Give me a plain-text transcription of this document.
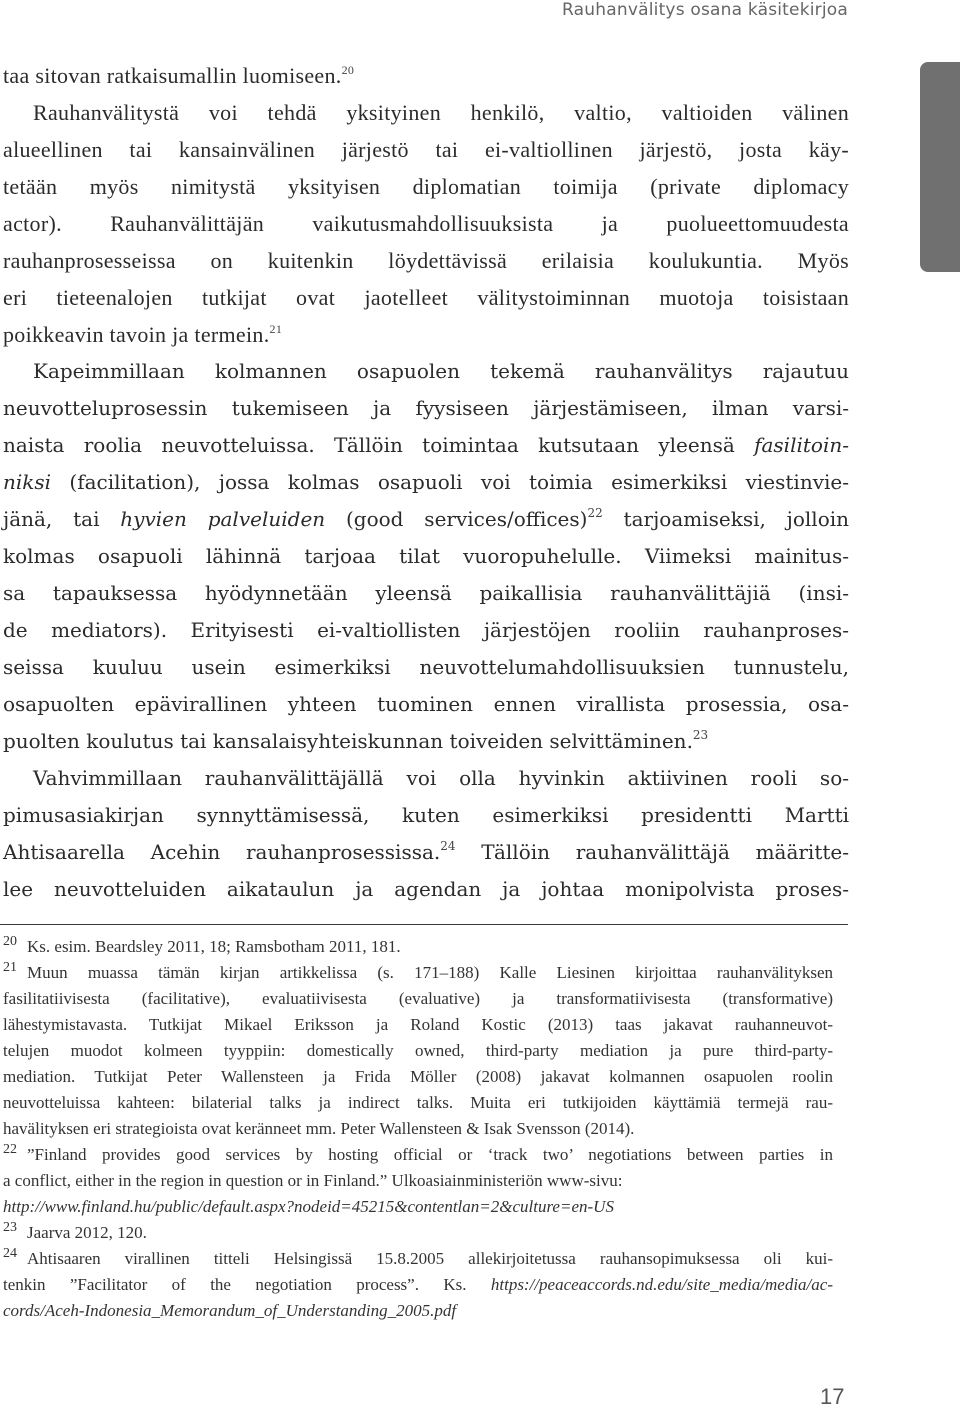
Rauhanvälitys osana käsitekirjoa

taa sitovan ratkaisumallin luomiseen.$^{20}$

Rauhanvälitystä voi tehdä yksityinen henkilö, valtio, valtioiden välinen
alueellinen tai kansainvälinen järjestö tai ei-valtiollinen järjestö, josta käy-
tetään myös nimitystä yksityisen diplomatian toimija (private diplomacy
actor). Rauhanvälittäjän vaikutusmahdollisuuksista ja puolueettomuudesta
rauhanprosesseissa on kuitenkin löydettävissä erilaisia koulukuntia. Myös
eri tieteenalojen tutkijat ovat jaotelleet välitystoiminnan muotoja toisistaan
poikkeavin tavoin ja termein.$^{21}$

Kapeimmillaan kolmannen osapuolen tekemä rauhanvälitys rajautuu
neuvotteluprosessin tukemiseen ja fyysiseen järjestämiseen, ilman varsi-
naista roolia neuvotteluissa. Tällöin toimintaa kutsutaan yleensä fasilitoin-
niksi (facilitation), jossa kolmas osapuoli voi toimia esimerkiksi viestinvie-
jänä, tai hyvien palveluiden (good services/offices)$^{22}$ tarjoamiseksi, jolloin
kolmas osapuoli lähinnä tarjoaa tilat vuoropuhelulle. Viimeksi mainitus-
sa tapauksessa hyödynnetään yleensä paikallisia rauhanvälittäjiä (insi-
de mediators). Erityisesti ei-valtiollisten järjestöjen rooliin rauhanproses-
seissa kuuluu usein esimerkiksi neuvottelumahdollisuuksien tunnustelu,
osapuolten epävirallinen yhteen tuominen ennen virallista prosessia, osa-
puolten koulutus tai kansalaisyhteiskunnan toiveiden selvittäminen.$^{23}$

Vahvimmillaan rauhanvälittäjällä voi olla hyvinkin aktiivinen rooli so-
pimusasiakirjan synnyttämisessä, kuten esimerkiksi presidentti Martti
Ahtisaarella Acehin rauhanprosessissa.$^{24}$ Tällöin rauhanvälittäjä määritte-
lee neuvotteluiden aikataulun ja agendan ja johtaa monipolvista proses-

$^{20}$ Ks. esim. Beardsley 2011, 18; Ramsbotham 2011, 181.

$^{21}$ Muun muassa tämän kirjan artikkelissa (s. 171–188) Kalle Liesinen kirjoittaa rauhanvälityksen
fasilitatiivisesta (facilitative), evaluatiivisesta (evaluative) ja transformatiivisesta (transformative)
lähestymistavasta. Tutkijat Mikael Eriksson ja Roland Kostic (2013) taas jakavat rauhanneuvot-
telujen muodot kolmeen tyyppiin: domestically owned, third-party mediation ja pure third-party-
mediation. Tutkijat Peter Wallensteen ja Frida Möller (2008) jakavat kolmannen osapuolen roolin
neuvotteluissa kahteen: bilaterial talks ja indirect talks. Muita eri tutkijoiden käyttämiä termejä rau-
havälityksen eri strategioista ovat keränneet mm. Peter Wallensteen & Isak Svensson (2014).

$^{22}$ ”Finland provides good services by hosting official or ‘track two’ negotiations between parties in
a conflict, either in the region in question or in Finland.” Ulkoasiainministeriön www-sivu:
http://www.finland.hu/public/default.aspx?nodeid=45215&contentlan=2&culture=en-US

$^{23}$ Jaarva 2012, 120.

$^{24}$ Ahtisaaren virallinen titteli Helsingissä 15.8.2005 allekirjoitetussa rauhansopimuksessa oli kui-
tenkin ”Facilitator of the negotiation process”. Ks. https://peaceaccords.nd.edu/site_media/media/ac-
cords/Aceh-Indonesia_Memorandum_of_Understanding_2005.pdf

17
